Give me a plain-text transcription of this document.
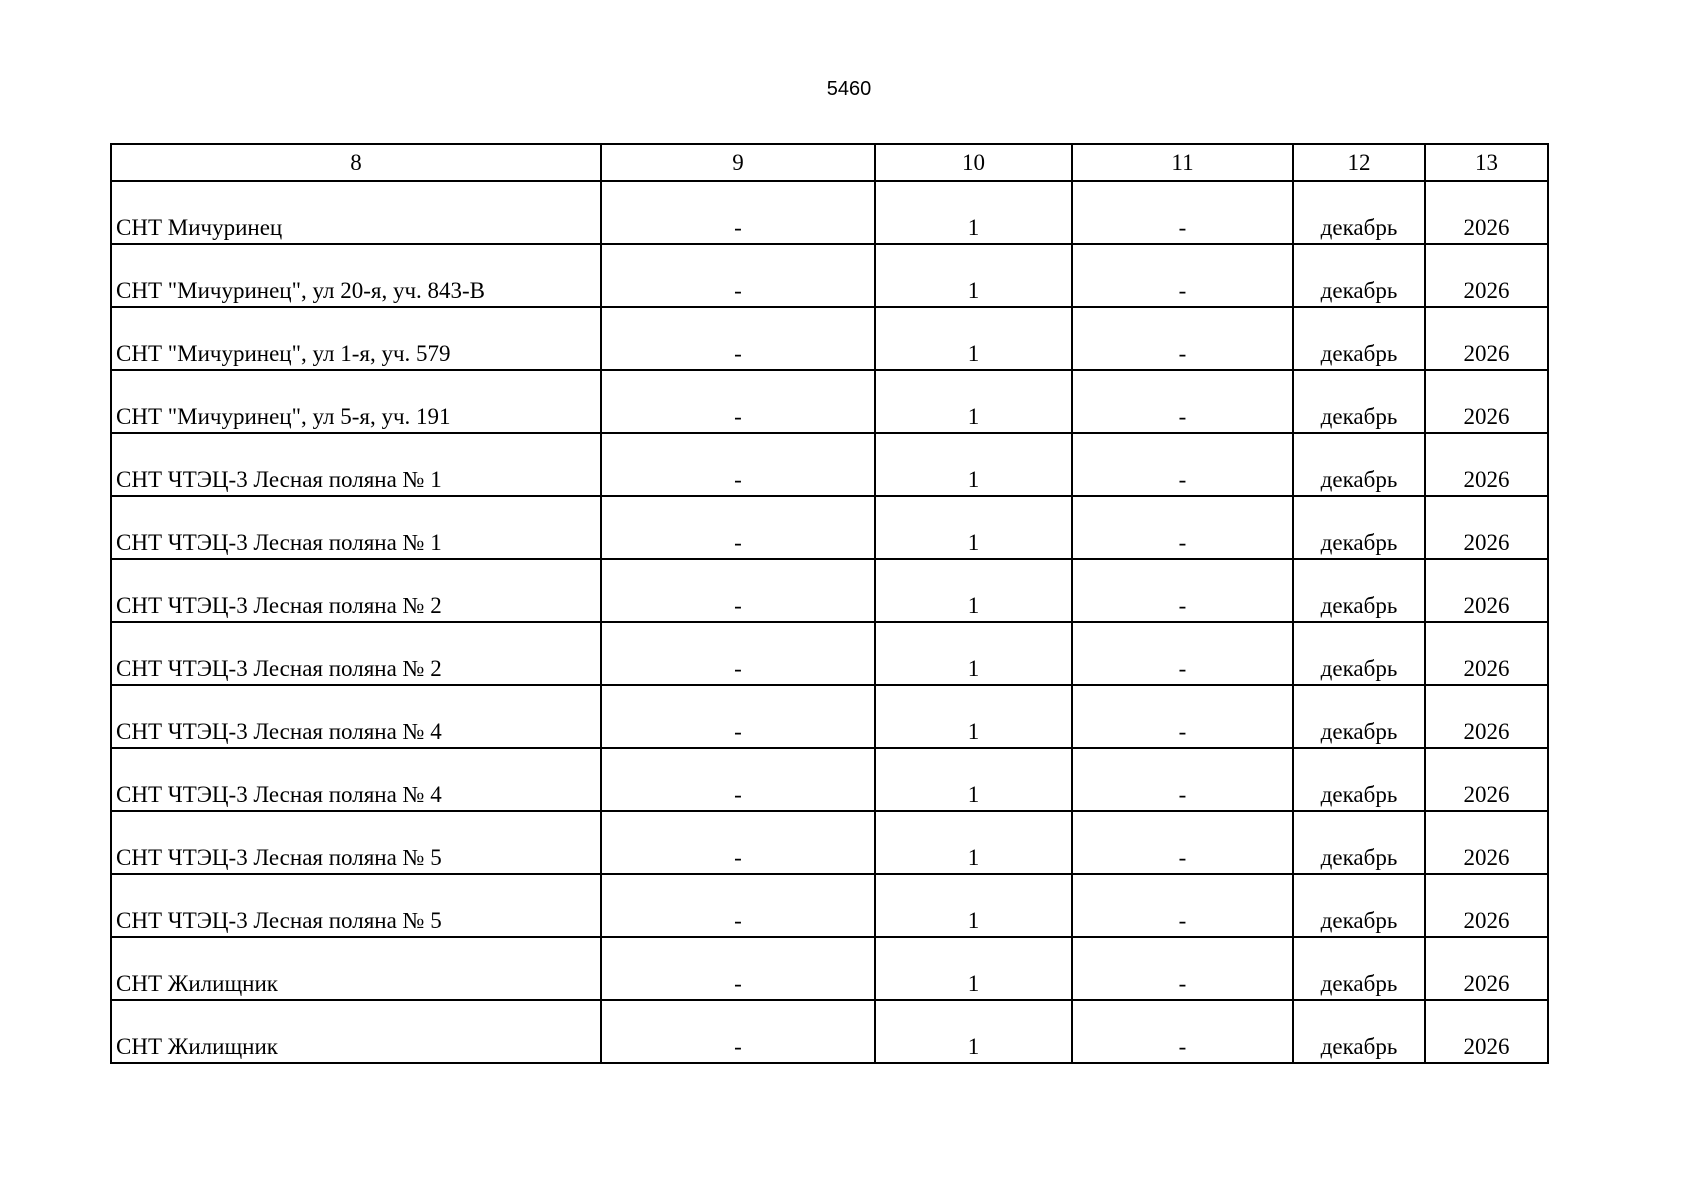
5460
8	9	10	11	12	13
СНТ Мичуринец	-	1	-	декабрь	2026
СНТ "Мичуринец", ул 20-я, уч. 843-В	-	1	-	декабрь	2026
СНТ "Мичуринец", ул 1-я, уч. 579	-	1	-	декабрь	2026
СНТ "Мичуринец", ул 5-я, уч. 191	-	1	-	декабрь	2026
СНТ ЧТЭЦ-3 Лесная поляна № 1	-	1	-	декабрь	2026
СНТ ЧТЭЦ-3 Лесная поляна № 1	-	1	-	декабрь	2026
СНТ ЧТЭЦ-3 Лесная поляна № 2	-	1	-	декабрь	2026
СНТ ЧТЭЦ-3 Лесная поляна № 2	-	1	-	декабрь	2026
СНТ ЧТЭЦ-3 Лесная поляна № 4	-	1	-	декабрь	2026
СНТ ЧТЭЦ-3 Лесная поляна № 4	-	1	-	декабрь	2026
СНТ ЧТЭЦ-3 Лесная поляна № 5	-	1	-	декабрь	2026
СНТ ЧТЭЦ-3 Лесная поляна № 5	-	1	-	декабрь	2026
СНТ Жилищник	-	1	-	декабрь	2026
СНТ Жилищник	-	1	-	декабрь	2026
